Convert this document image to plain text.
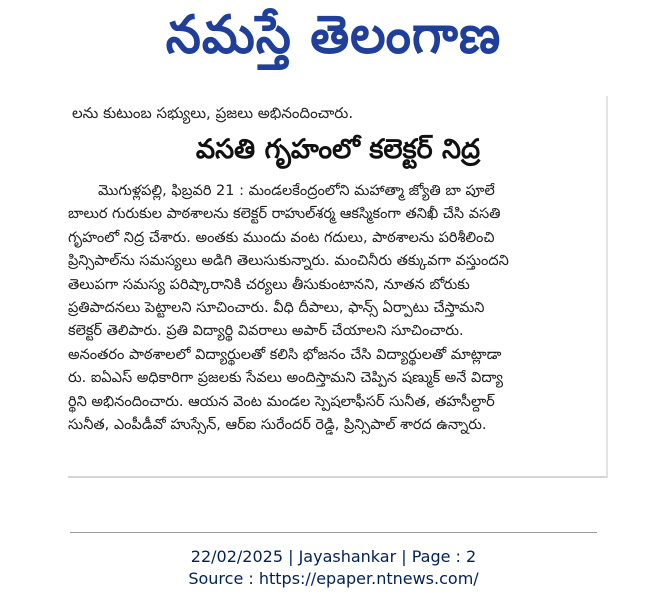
నమస్తే తెలంగాణ
లను కుటుంబ సభ్యులు, ప్రజలు అభినందించారు.
వసతి గృహంలో కలెక్టర్ నిద్ర

మొగుళ్లపల్లి, ఫిబ్రవరి 21 : మండలకేంద్రంలోని మహాత్మా జ్యోతి బా పూలే

బాలుర గురుకుల పాఠశాలను కలెక్టర్ రాహుల్‌శర్మ ఆకస్మికంగా తనిఖీ చేసి వసతి

గృహంలో నిద్ర చేశారు. అంతకు ముందు వంట గదులు, పాఠశాలను పరిశీలించి

ప్రిన్సిపాల్‌ను సమస్యలు అడిగి తెలుసుకున్నారు. మంచినీరు తక్కువగా వస్తుందని

తెలుపగా సమస్య పరిష్కారానికి చర్యలు తీసుకుంటానని, నూతన బోరుకు

ప్రతిపాదనలు పెట్టాలని సూచించారు. వీధి దీపాలు, ఫాన్స్ ఏర్పాటు చేస్తామని

కలెక్టర్ తెలిపారు. ప్రతి విద్యార్థి వివరాలు అపార్ చేయాలని సూచించారు.

అనంతరం పాఠశాలలో విద్యార్థులతో కలిసి భోజనం చేసి విద్యార్థులతో మాట్లాడా

రు. ఐఏఎస్ అధికారిగా ప్రజలకు సేవలు అందిస్తామని చెప్పిన షణ్ముక్ అనే విద్యా

ర్థిని అభినందించారు. ఆయన వెంట మండల స్పెషలాఫీసర్ సునీత, తహసీల్దార్

సునీత, ఎంపీడీవో హుస్సేన్, ఆర్ఐ సురేందర్ రెడ్డి, ప్రిన్సిపాల్ శారద ఉన్నారు.

22/02/2025 | Jayashankar | Page : 2
Source : https://epaper.ntnews.com/
